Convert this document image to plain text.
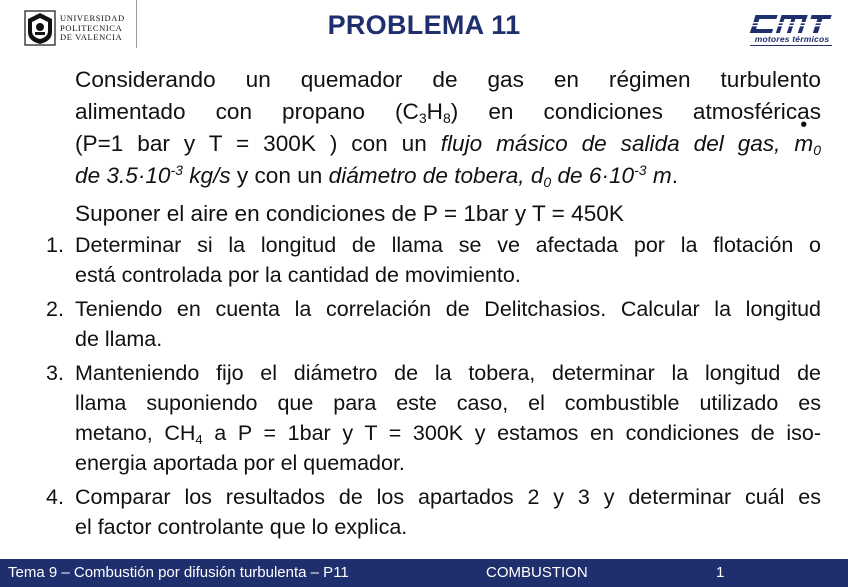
UNIVERSIDAD
POLITECNICA
DE VALENCIA	PROBLEMA 11	motores térmicos
Considerando un quemador de gas en régimen turbulento
alimentado con propano $(C_3H_8)$ en condiciones atmosféricas
(P=1 bar y T = 300K ) con un flujo másico de salida del gas, • $m_0$
de $3.5\cdot 10^{-3}$ kg/s y con un diámetro de tobera, $d_0$ de $6\cdot 10^{-3}$ m.
Suponer el aire en condiciones de P = 1bar y T = 450K
1. Determinar si la longitud de llama se ve afectada por la flotación o
está controlada por la cantidad de movimiento.
2. Teniendo en cuenta la correlación de Delitchasios. Calcular la longitud
de llama.
3. Manteniendo fijo el diámetro de la tobera, determinar la longitud de
llama suponiendo que para este caso, el combustible utilizado es
metano, $CH_4$ a P = 1bar y T = 300K y estamos en condiciones de iso-
energia aportada por el quemador.
4. Comparar los resultados de los apartados 2 y 3 y determinar cuál es
el factor controlante que lo explica.
Tema 9 – Combustión por difusión turbulenta – P11	COMBUSTION	1
